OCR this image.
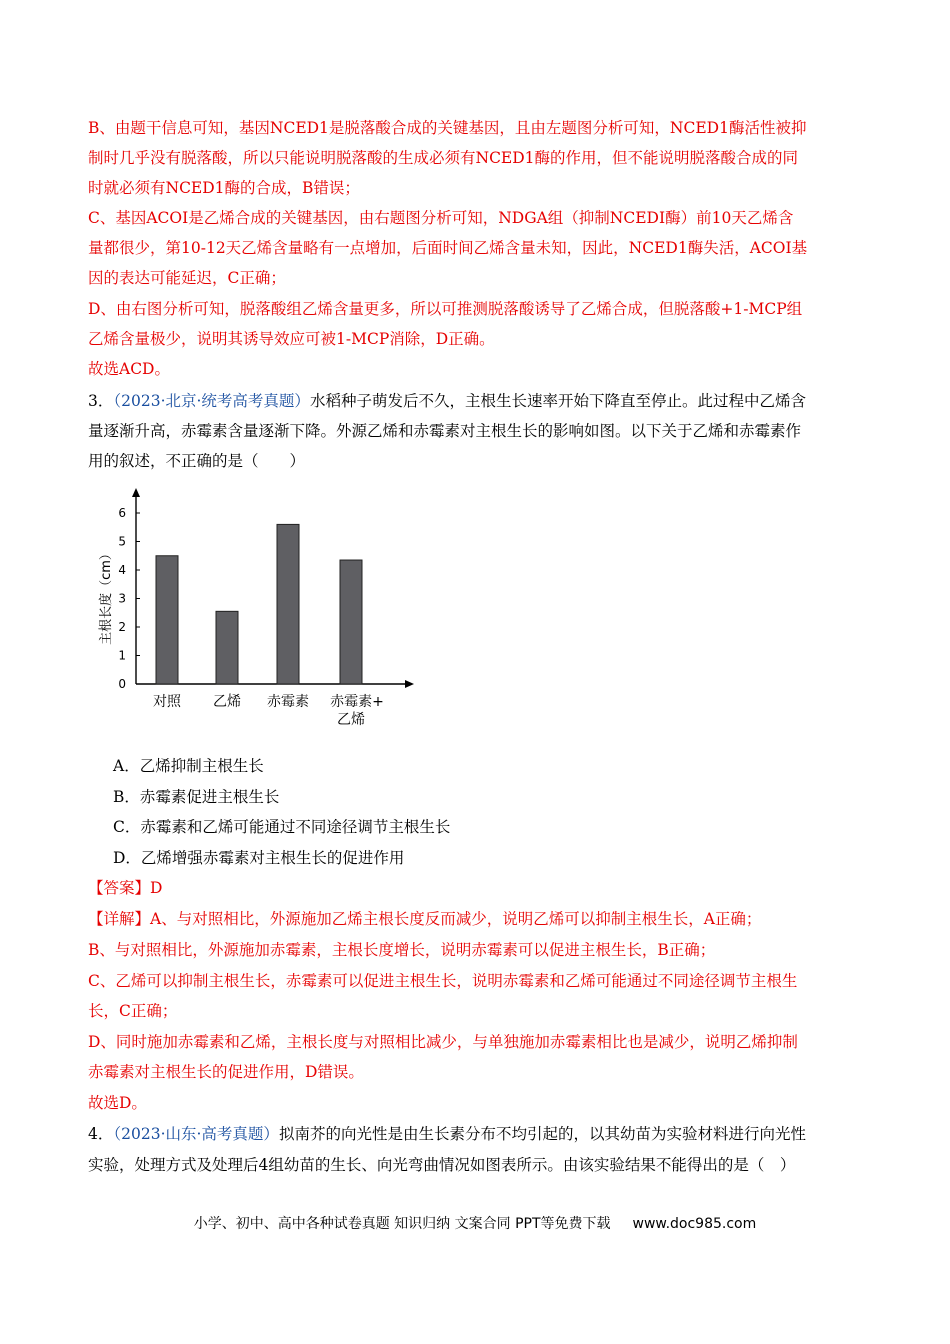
B、由题干信息可知，基因NCED1是脱落酸合成的关键基因，且由左题图分析可知，NCED1酶活性被抑
制时几乎没有脱落酸，所以只能说明脱落酸的生成必须有NCED1酶的作用，但不能说明脱落酸合成的同
时就必须有NCED1酶的合成，B错误；
C、基因ACOI是乙烯合成的关键基因，由右题图分析可知，NDGA组（抑制NCEDI酶）前10天乙烯含
量都很少，第10-12天乙烯含量略有一点增加，后面时间乙烯含量未知，因此，NCED1酶失活，ACOI基
因的表达可能延迟，C正确；
D、由右图分析可知，脱落酸组乙烯含量更多，所以可推测脱落酸诱导了乙烯合成，但脱落酸+1-MCP组
乙烯含量极少，说明其诱导效应可被1-MCP消除，D正确。
故选ACD。
3．（2023·北京·统考高考真题）水稻种子萌发后不久，主根生长速率开始下降直至停止。此过程中乙烯含
量逐渐升高，赤霉素含量逐渐下降。外源乙烯和赤霉素对主根生长的影响如图。以下关于乙烯和赤霉素作
用的叙述，不正确的是（　　）
0
1
2
3
4
5
6
主根长度（cm）
对照 乙烯 赤霉素 赤霉素+
乙烯
A．乙烯抑制主根生长
B．赤霉素促进主根生长
C．赤霉素和乙烯可能通过不同途径调节主根生长
D．乙烯增强赤霉素对主根生长的促进作用
【答案】D
【详解】A、与对照相比，外源施加乙烯主根长度反而减少，说明乙烯可以抑制主根生长，A正确；
B、与对照相比，外源施加赤霉素，主根长度增长，说明赤霉素可以促进主根生长，B正确；
C、乙烯可以抑制主根生长，赤霉素可以促进主根生长，说明赤霉素和乙烯可能通过不同途径调节主根生
长，C正确；
D、同时施加赤霉素和乙烯，主根长度与对照相比减少，与单独施加赤霉素相比也是减少，说明乙烯抑制
赤霉素对主根生长的促进作用，D错误。
故选D。
4．（2023·山东·高考真题）拟南芥的向光性是由生长素分布不均引起的，以其幼苗为实验材料进行向光性
实验，处理方式及处理后4组幼苗的生长、向光弯曲情况如图表所示。由该实验结果不能得出的是（　）
小学、初中、高中各种试卷真题 知识归纳 文案合同 PPT等免费下载 www.doc985.com
